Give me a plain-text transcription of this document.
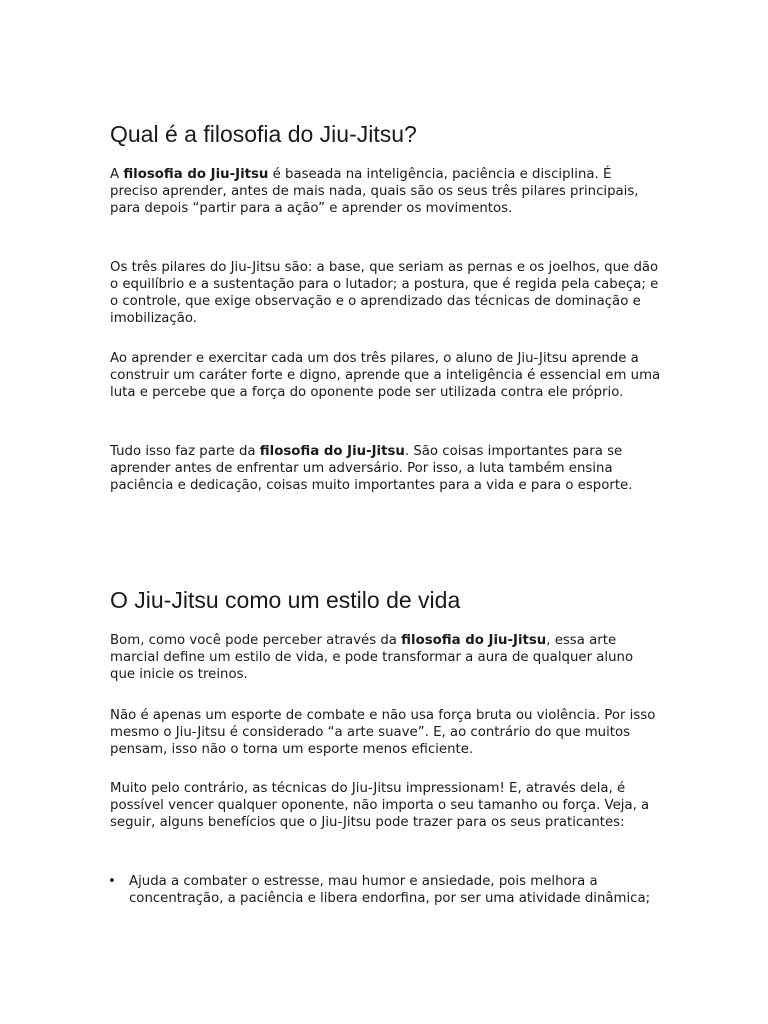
Qual é a filosofia do Jiu-Jitsu?

A filosofia do Jiu-Jitsu é baseada na inteligência, paciência e disciplina. É preciso aprender, antes de mais nada, quais são os seus três pilares principais, para depois “partir para a ação” e aprender os movimentos.

Os três pilares do Jiu-Jitsu são: a base, que seriam as pernas e os joelhos, que dão o equilíbrio e a sustentação para o lutador; a postura, que é regida pela cabeça; e o controle, que exige observação e o aprendizado das técnicas de dominação e imobilização.

Ao aprender e exercitar cada um dos três pilares, o aluno de Jiu-Jitsu aprende a construir um caráter forte e digno, aprende que a inteligência é essencial em uma luta e percebe que a força do oponente pode ser utilizada contra ele próprio.

Tudo isso faz parte da filosofia do Jiu-Jitsu. São coisas importantes para se aprender antes de enfrentar um adversário. Por isso, a luta também ensina paciência e dedicação, coisas muito importantes para a vida e para o esporte.

O Jiu-Jitsu como um estilo de vida

Bom, como você pode perceber através da filosofia do Jiu-Jitsu, essa arte marcial define um estilo de vida, e pode transformar a aura de qualquer aluno que inicie os treinos.

Não é apenas um esporte de combate e não usa força bruta ou violência. Por isso mesmo o Jiu-Jitsu é considerado “a arte suave”. E, ao contrário do que muitos pensam, isso não o torna um esporte menos eficiente.

Muito pelo contrário, as técnicas do Jiu-Jitsu impressionam! E, através dela, é possível vencer qualquer oponente, não importa o seu tamanho ou força. Veja, a seguir, alguns benefícios que o Jiu-Jitsu pode trazer para os seus praticantes:

• Ajuda a combater o estresse, mau humor e ansiedade, pois melhora a concentração, a paciência e libera endorfina, por ser uma atividade dinâmica;
